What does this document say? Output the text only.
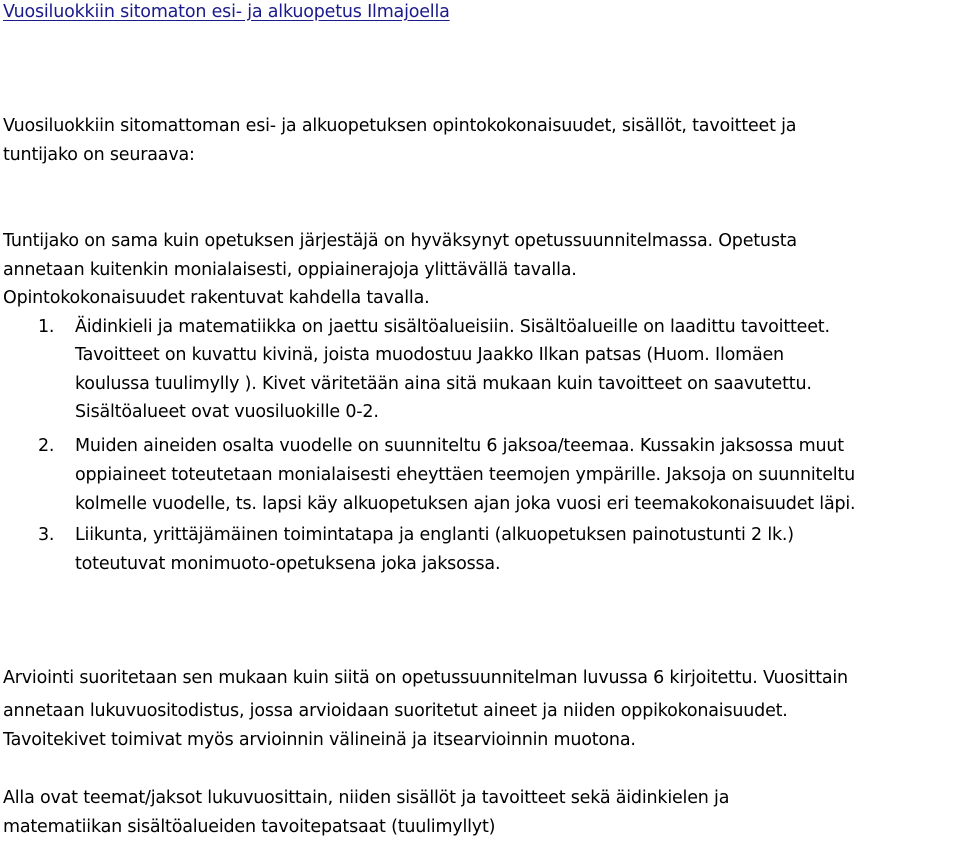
Vuosiluokkiin sitomaton esi- ja alkuopetus Ilmajoella
Vuosiluokkiin sitomattoman esi- ja alkuopetuksen opintokokonaisuudet, sisällöt, tavoitteet ja
tuntijako on seuraava:
Tuntijako on sama kuin opetuksen järjestäjä on hyväksynyt opetussuunnitelmassa. Opetusta
annetaan kuitenkin monialaisesti, oppiainerajoja ylittävällä tavalla.
Opintokokonaisuudet rakentuvat kahdella tavalla.
1. Äidinkieli ja matematiikka on jaettu sisältöalueisiin. Sisältöalueille on laadittu tavoitteet.
Tavoitteet on kuvattu kivinä, joista muodostuu Jaakko Ilkan patsas (Huom. Ilomäen
koulussa tuulimylly ). Kivet väritetään aina sitä mukaan kuin tavoitteet on saavutettu.
Sisältöalueet ovat vuosiluokille 0-2.
2. Muiden aineiden osalta vuodelle on suunniteltu 6 jaksoa/teemaa. Kussakin jaksossa muut
oppiaineet toteutetaan monialaisesti eheyttäen teemojen ympärille. Jaksoja on suunniteltu
kolmelle vuodelle, ts. lapsi käy alkuopetuksen ajan joka vuosi eri teemakokonaisuudet läpi.
3. Liikunta, yrittäjämäinen toimintatapa ja englanti (alkuopetuksen painotustunti 2 lk.)
toteutuvat monimuoto-opetuksena joka jaksossa.
Arviointi suoritetaan sen mukaan kuin siitä on opetussuunnitelman luvussa 6 kirjoitettu. Vuosittain
annetaan lukuvuositodistus, jossa arvioidaan suoritetut aineet ja niiden oppikokonaisuudet.
Tavoitekivet toimivat myös arvioinnin välineinä ja itsearvioinnin muotona.
Alla ovat teemat/jaksot lukuvuosittain, niiden sisällöt ja tavoitteet sekä äidinkielen ja
matematiikan sisältöalueiden tavoitepatsaat (tuulimyllyt)
